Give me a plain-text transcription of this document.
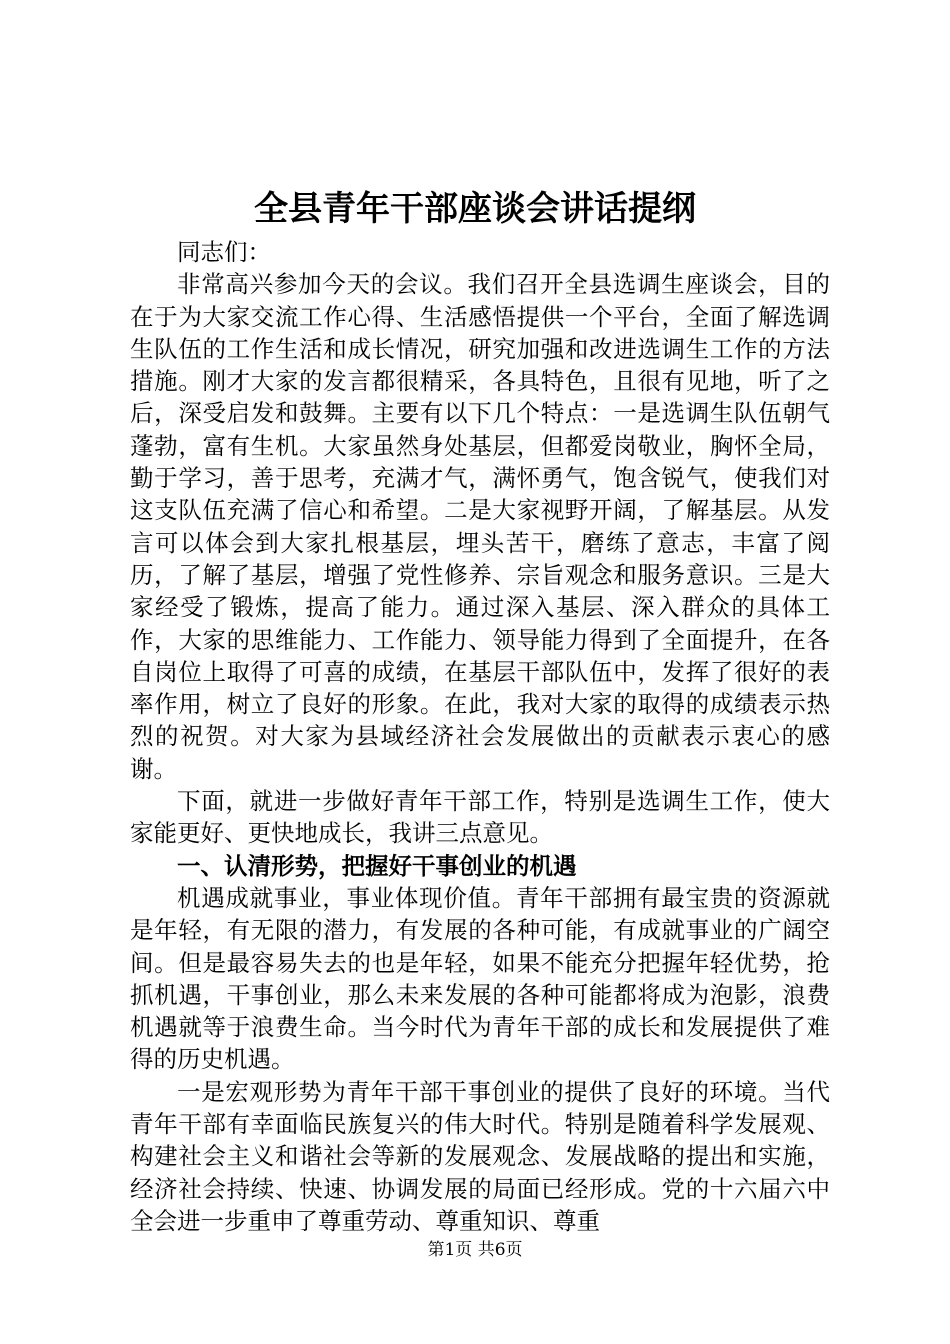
全县青年干部座谈会讲话提纲

同志们：

非常高兴参加今天的会议。我们召开全县选调生座谈会，目的在于为大家交流工作心得、生活感悟提供一个平台，全面了解选调生队伍的工作生活和成长情况，研究加强和改进选调生工作的方法措施。刚才大家的发言都很精采，各具特色，且很有见地，听了之后，深受启发和鼓舞。主要有以下几个特点：一是选调生队伍朝气蓬勃，富有生机。大家虽然身处基层，但都爱岗敬业，胸怀全局，勤于学习，善于思考，充满才气，满怀勇气，饱含锐气，使我们对这支队伍充满了信心和希望。二是大家视野开阔，了解基层。从发言可以体会到大家扎根基层，埋头苦干，磨练了意志，丰富了阅历，了解了基层，增强了党性修养、宗旨观念和服务意识。三是大家经受了锻炼，提高了能力。通过深入基层、深入群众的具体工作，大家的思维能力、工作能力、领导能力得到了全面提升，在各自岗位上取得了可喜的成绩，在基层干部队伍中，发挥了很好的表率作用，树立了良好的形象。在此，我对大家的取得的成绩表示热烈的祝贺。对大家为县域经济社会发展做出的贡献表示衷心的感谢。

下面，就进一步做好青年干部工作，特别是选调生工作，使大家能更好、更快地成长，我讲三点意见。

一、认清形势，把握好干事创业的机遇

机遇成就事业，事业体现价值。青年干部拥有最宝贵的资源就是年轻，有无限的潜力，有发展的各种可能，有成就事业的广阔空间。但是最容易失去的也是年轻，如果不能充分把握年轻优势，抢抓机遇，干事创业，那么未来发展的各种可能都将成为泡影，浪费机遇就等于浪费生命。当今时代为青年干部的成长和发展提供了难得的历史机遇。

一是宏观形势为青年干部干事创业的提供了良好的环境。当代青年干部有幸面临民族复兴的伟大时代。特别是随着科学发展观、构建社会主义和谐社会等新的发展观念、发展战略的提出和实施，经济社会持续、快速、协调发展的局面已经形成。党的十六届六中全会进一步重申了尊重劳动、尊重知识、尊重

第1页 共6页
